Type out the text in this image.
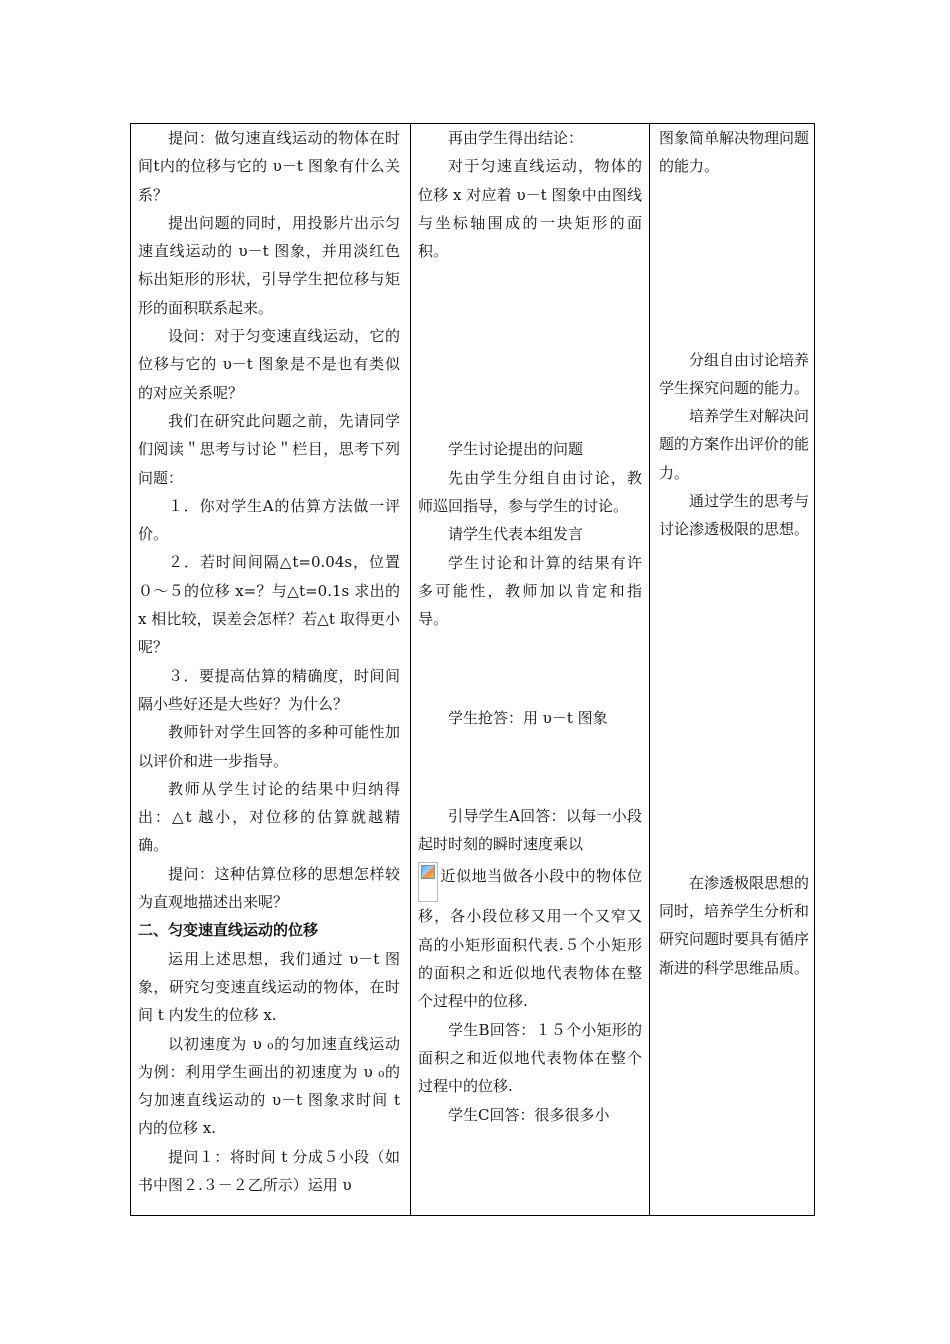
提问：做匀速直线运动的物体在时间t内的位移与它的 υ－t 图象有什么关系？

提出问题的同时，用投影片出示匀速直线运动的 υ－t 图象，并用淡红色标出矩形的形状，引导学生把位移与矩形的面积联系起来。

设问：对于匀变速直线运动，它的位移与它的 υ－t 图象是不是也有类似的对应关系呢？

我们在研究此问题之前，先请同学们阅读＂思考与讨论＂栏目，思考下列问题：

１．你对学生A的估算方法做一评价。

２．若时间间隔△t=0.04s，位置０～５的位移 x=？与△t=0.1s 求出的 x 相比较，误差会怎样？若△t 取得更小呢？

３．要提高估算的精确度，时间间隔小些好还是大些好？为什么？

教师针对学生回答的多种可能性加以评价和进一步指导。

教师从学生讨论的结果中归纳得出：△t 越小，对位移的估算就越精确。

提问：这种估算位移的思想怎样较为直观地描述出来呢？

二、匀变速直线运动的位移

运用上述思想，我们通过 υ－t 图象，研究匀变速直线运动的物体，在时间 t 内发生的位移 x.

以初速度为 υ ₀的匀加速直线运动为例：利用学生画出的初速度为 υ ₀的匀加速直线运动的 υ－t 图象求时间 t 内的位移 x.

提问１：将时间 t 分成５小段（如书中图２.３－２乙所示）运用 υ

再由学生得出结论：

对于匀速直线运动，物体的位移 x 对应着 υ－t 图象中由图线与坐标轴围成的一块矩形的面积。

学生讨论提出的问题

先由学生分组自由讨论，教师巡回指导，参与学生的讨论。

请学生代表本组发言

学生讨论和计算的结果有许多可能性，教师加以肯定和指导。

学生抢答：用 υ－t 图象

引导学生A回答：以每一小段起时时刻的瞬时速度乘以

近似地当做各小段中的物体位移，各小段位移又用一个又窄又高的小矩形面积代表.５个小矩形的面积之和近似地代表物体在整个过程中的位移.

学生B回答：１５个小矩形的面积之和近似地代表物体在整个过程中的位移.

学生C回答：很多很多小

图象简单解决物理问题的能力。

分组自由讨论培养学生探究问题的能力。

培养学生对解决问题的方案作出评价的能力。

通过学生的思考与讨论渗透极限的思想。

在渗透极限思想的同时，培养学生分析和研究问题时要具有循序渐进的科学思维品质。
